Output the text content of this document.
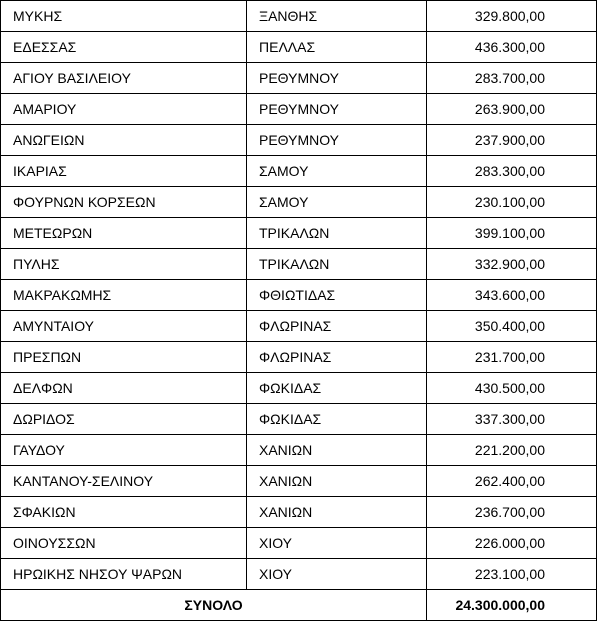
ΜΥΚΗΣ	ΞΑΝΘΗΣ	329.800,00
ΕΔΕΣΣΑΣ	ΠΕΛΛΑΣ	436.300,00
ΑΓΙΟΥ ΒΑΣΙΛΕΙΟΥ	ΡΕΘΥΜΝΟΥ	283.700,00
ΑΜΑΡΙΟΥ	ΡΕΘΥΜΝΟΥ	263.900,00
ΑΝΩΓΕΙΩΝ	ΡΕΘΥΜΝΟΥ	237.900,00
ΙΚΑΡΙΑΣ	ΣΑΜΟΥ	283.300,00
ΦΟΥΡΝΩΝ ΚΟΡΣΕΩΝ	ΣΑΜΟΥ	230.100,00
ΜΕΤΕΩΡΩΝ	ΤΡΙΚΑΛΩΝ	399.100,00
ΠΥΛΗΣ	ΤΡΙΚΑΛΩΝ	332.900,00
ΜΑΚΡΑΚΩΜΗΣ	ΦΘΙΩΤΙΔΑΣ	343.600,00
ΑΜΥΝΤΑΙΟΥ	ΦΛΩΡΙΝΑΣ	350.400,00
ΠΡΕΣΠΩΝ	ΦΛΩΡΙΝΑΣ	231.700,00
ΔΕΛΦΩΝ	ΦΩΚΙΔΑΣ	430.500,00
ΔΩΡΙΔΟΣ	ΦΩΚΙΔΑΣ	337.300,00
ΓΑΥΔΟΥ	ΧΑΝΙΩΝ	221.200,00
ΚΑΝΤΑΝΟΥ-ΣΕΛΙΝΟΥ	ΧΑΝΙΩΝ	262.400,00
ΣΦΑΚΙΩΝ	ΧΑΝΙΩΝ	236.700,00
ΟΙΝΟΥΣΣΩΝ	ΧΙΟΥ	226.000,00
ΗΡΩΙΚΗΣ ΝΗΣΟΥ ΨΑΡΩΝ	ΧΙΟΥ	223.100,00
ΣΥΝΟΛΟ		24.300.000,00
